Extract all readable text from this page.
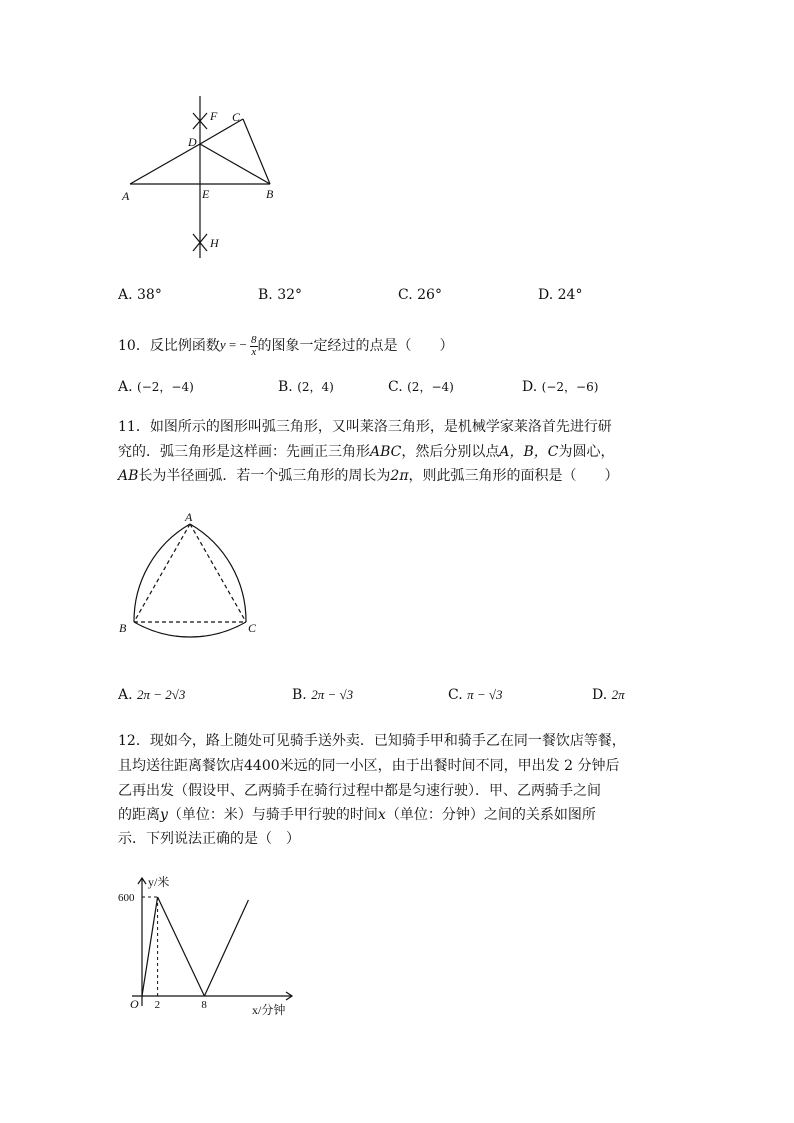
F C
D
A	E	B
H
A. 38°	B. 32°	C. 26°	D. 24°
10．反比例函数y = − $\frac{8}{x}$ 的图象一定经过的点是（　　）
A. (−2，−4)	B. (2，4)	C. (2，−4)	D. (−2，−6)
11．如图所示的图形叫弧三角形，又叫莱洛三角形，是机械学家莱洛首先进行研
究的．弧三角形是这样画：先画正三角形ABC，然后分别以点A，B，C为圆心，
AB长为半径画弧．若一个弧三角形的周长为2π，则此弧三角形的面积是（　　）
A
B	C
A. 2π − 2√3	B. 2π − √3	C. π − √3	D. 2π
12．现如今，路上随处可见骑手送外卖．已知骑手甲和骑手乙在同一餐饮店等餐，
且均送往距离餐饮店4400米远的同一小区，由于出餐时间不同，甲出发 2 分钟后
乙再出发（假设甲、乙两骑手在骑行过程中都是匀速行驶）．甲、乙两骑手之间
的距离y（单位：米）与骑手甲行驶的时间x（单位：分钟）之间的关系如图所
示．下列说法正确的是（　）
2	8
600
O
y/米
x/分钟
